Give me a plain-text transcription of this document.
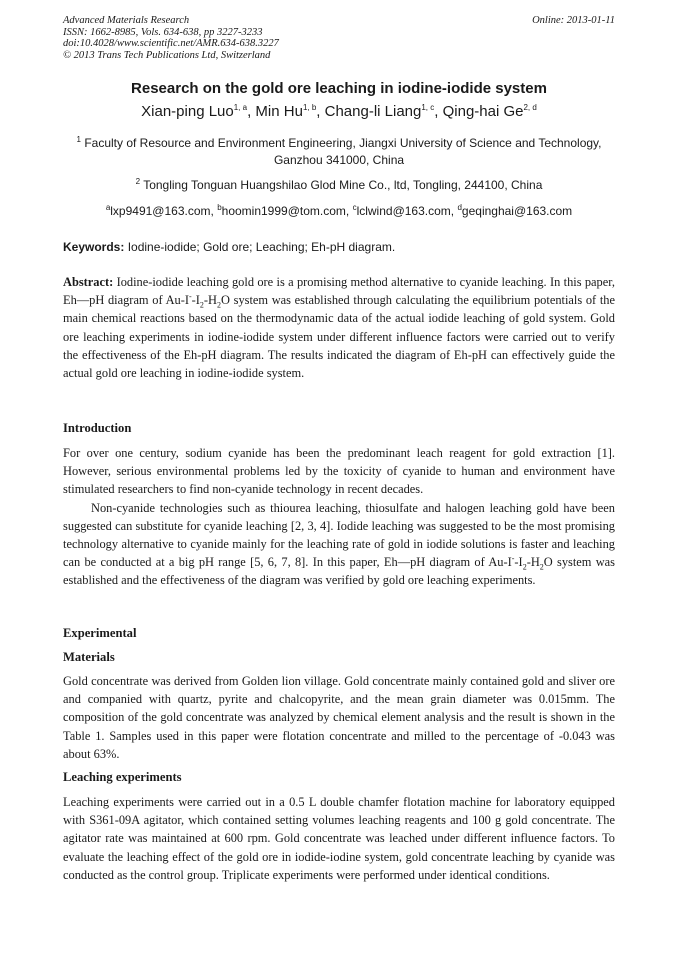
Advanced Materials Research
ISSN: 1662-8985, Vols. 634-638, pp 3227-3233
doi:10.4028/www.scientific.net/AMR.634-638.3227
© 2013 Trans Tech Publications Ltd, Switzerland
Online: 2013-01-11
Research on the gold ore leaching in iodine-iodide system
Xian-ping Luo$^{1, a}$, Min Hu$^{1, b}$, Chang-li Liang$^{1, c}$, Qing-hai Ge$^{2, d}$
$^1$ Faculty of Resource and Environment Engineering, Jiangxi University of Science and Technology,
Ganzhou 341000, China
$^2$ Tongling Tonguan Huangshilao Glod Mine Co., ltd, Tongling, 244100, China
$^a$lxp9491@163.com, $^b$hoomin1999@tom.com, $^c$lclwind@163.com, $^d$geqinghai@163.com
Keywords: Iodine-iodide; Gold ore; Leaching; Eh-pH diagram.

Abstract: Iodine-iodide leaching gold ore is a promising method alternative to cyanide leaching. In this paper, Eh—pH diagram of $Au-I^--I_2-H_2O$ system was established through calculating the equilibrium potentials of the main chemical reactions based on the thermodynamic data of the actual iodide leaching of gold system. Gold ore leaching experiments in iodine-iodide system under different influence factors were carried out to verify the effectiveness of the Eh-pH diagram. The results indicated the diagram of Eh-pH can effectively guide the actual gold ore leaching in iodine-iodide system.

Introduction

For over one century, sodium cyanide has been the predominant leach reagent for gold extraction [1]. However, serious environmental problems led by the toxicity of cyanide to human and environment have stimulated researchers to find non-cyanide technology in recent decades.

Non-cyanide technologies such as thiourea leaching, thiosulfate and halogen leaching gold have been suggested can substitute for cyanide leaching [2, 3, 4]. Iodide leaching was suggested to be the most promising technology alternative to cyanide mainly for the leaching rate of gold in iodide solutions is faster and leaching can be conducted at a big pH range [5, 6, 7, 8]. In this paper, Eh—pH diagram of $Au-I^--I_2-H_2O$ system was established and the effectiveness of the diagram was verified by gold ore leaching experiments.

Experimental
Materials

Gold concentrate was derived from Golden lion village. Gold concentrate mainly contained gold and sliver ore and companied with quartz, pyrite and chalcopyrite, and the mean grain diameter was 0.015mm. The composition of the gold concentrate was analyzed by chemical element analysis and the result is shown in the Table 1. Samples used in this paper were flotation concentrate and milled to the percentage of -0.043 was about 63%.

Leaching experiments

Leaching experiments were carried out in a 0.5 L double chamfer flotation machine for laboratory equipped with S361-09A agitator, which contained setting volumes leaching reagents and 100 g gold concentrate. The agitator rate was maintained at 600 rpm. Gold concentrate was leached under different influence factors. To evaluate the leaching effect of the gold ore in iodide-iodine system, gold concentrate leaching by cyanide was conducted as the control group. Triplicate experiments were performed under identical conditions.
